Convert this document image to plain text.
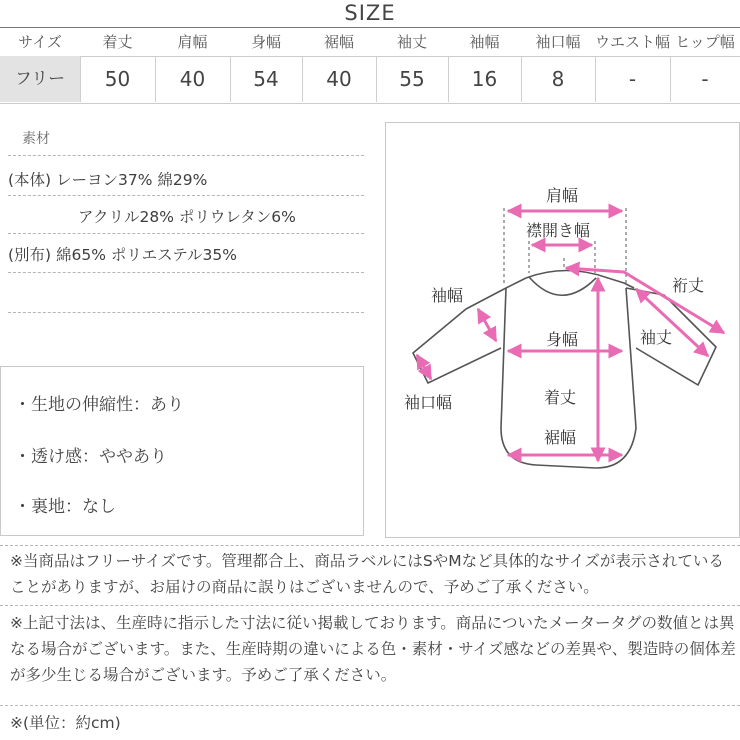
SIZE
サイズ	着丈	肩幅	身幅	裾幅	袖丈	袖幅	袖口幅 ウエスト幅 ヒップ幅
フリー	50	40	54	40	55	16	8	-	-
素材
(本体) レーヨン37% 綿29%
アクリル28% ポリウレタン6%
(別布) 綿65% ポリエステル35%
・生地の伸縮性：あり
・透け感：ややあり
・裏地：なし
肩幅
襟開き幅
裄丈
袖幅
袖丈
身幅
袖口幅	着丈
裾幅
※当商品はフリーサイズです。管理都合上、商品ラベルにはSやMなど具体的なサイズが表示されていることがありますが、お届けの商品に誤りはございませんので、予めご了承ください。
※上記寸法は、生産時に指示した寸法に従い掲載しております。商品についたメータータグの数値とは異なる場合がございます。また、生産時期の違いによる色・素材・サイズ感などの差異や、製造時の個体差が多少生じる場合がございます。予めご了承ください。
※(単位：約cm)
